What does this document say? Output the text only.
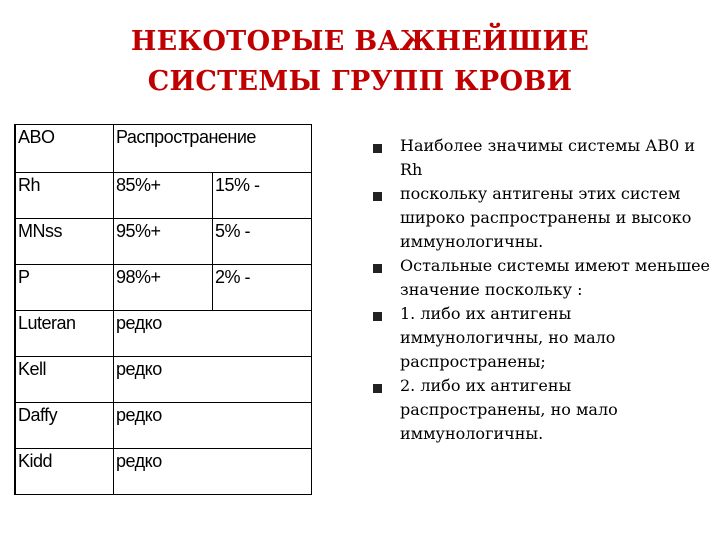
НЕКОТОРЫЕ ВАЖНЕЙШИЕ
СИСТЕМЫ ГРУПП КРОВИ
ABO	Распространение	
Rh	85%+	15% -
MNss	95%+	5% -
P	98%+	2% -
Luteran	редко	
Kell	редко	
Daffy	редко	
Kidd	редко	
Наиболее значимы системы АВ0 и Rh
поскольку антигены этих систем широко распространены и высоко иммунологичны.
Остальные системы имеют меньшее значение поскольку :
1. либо их антигены иммунологичны, но мало распространены;
2. либо их антигены распространены, но мало иммунологичны.
